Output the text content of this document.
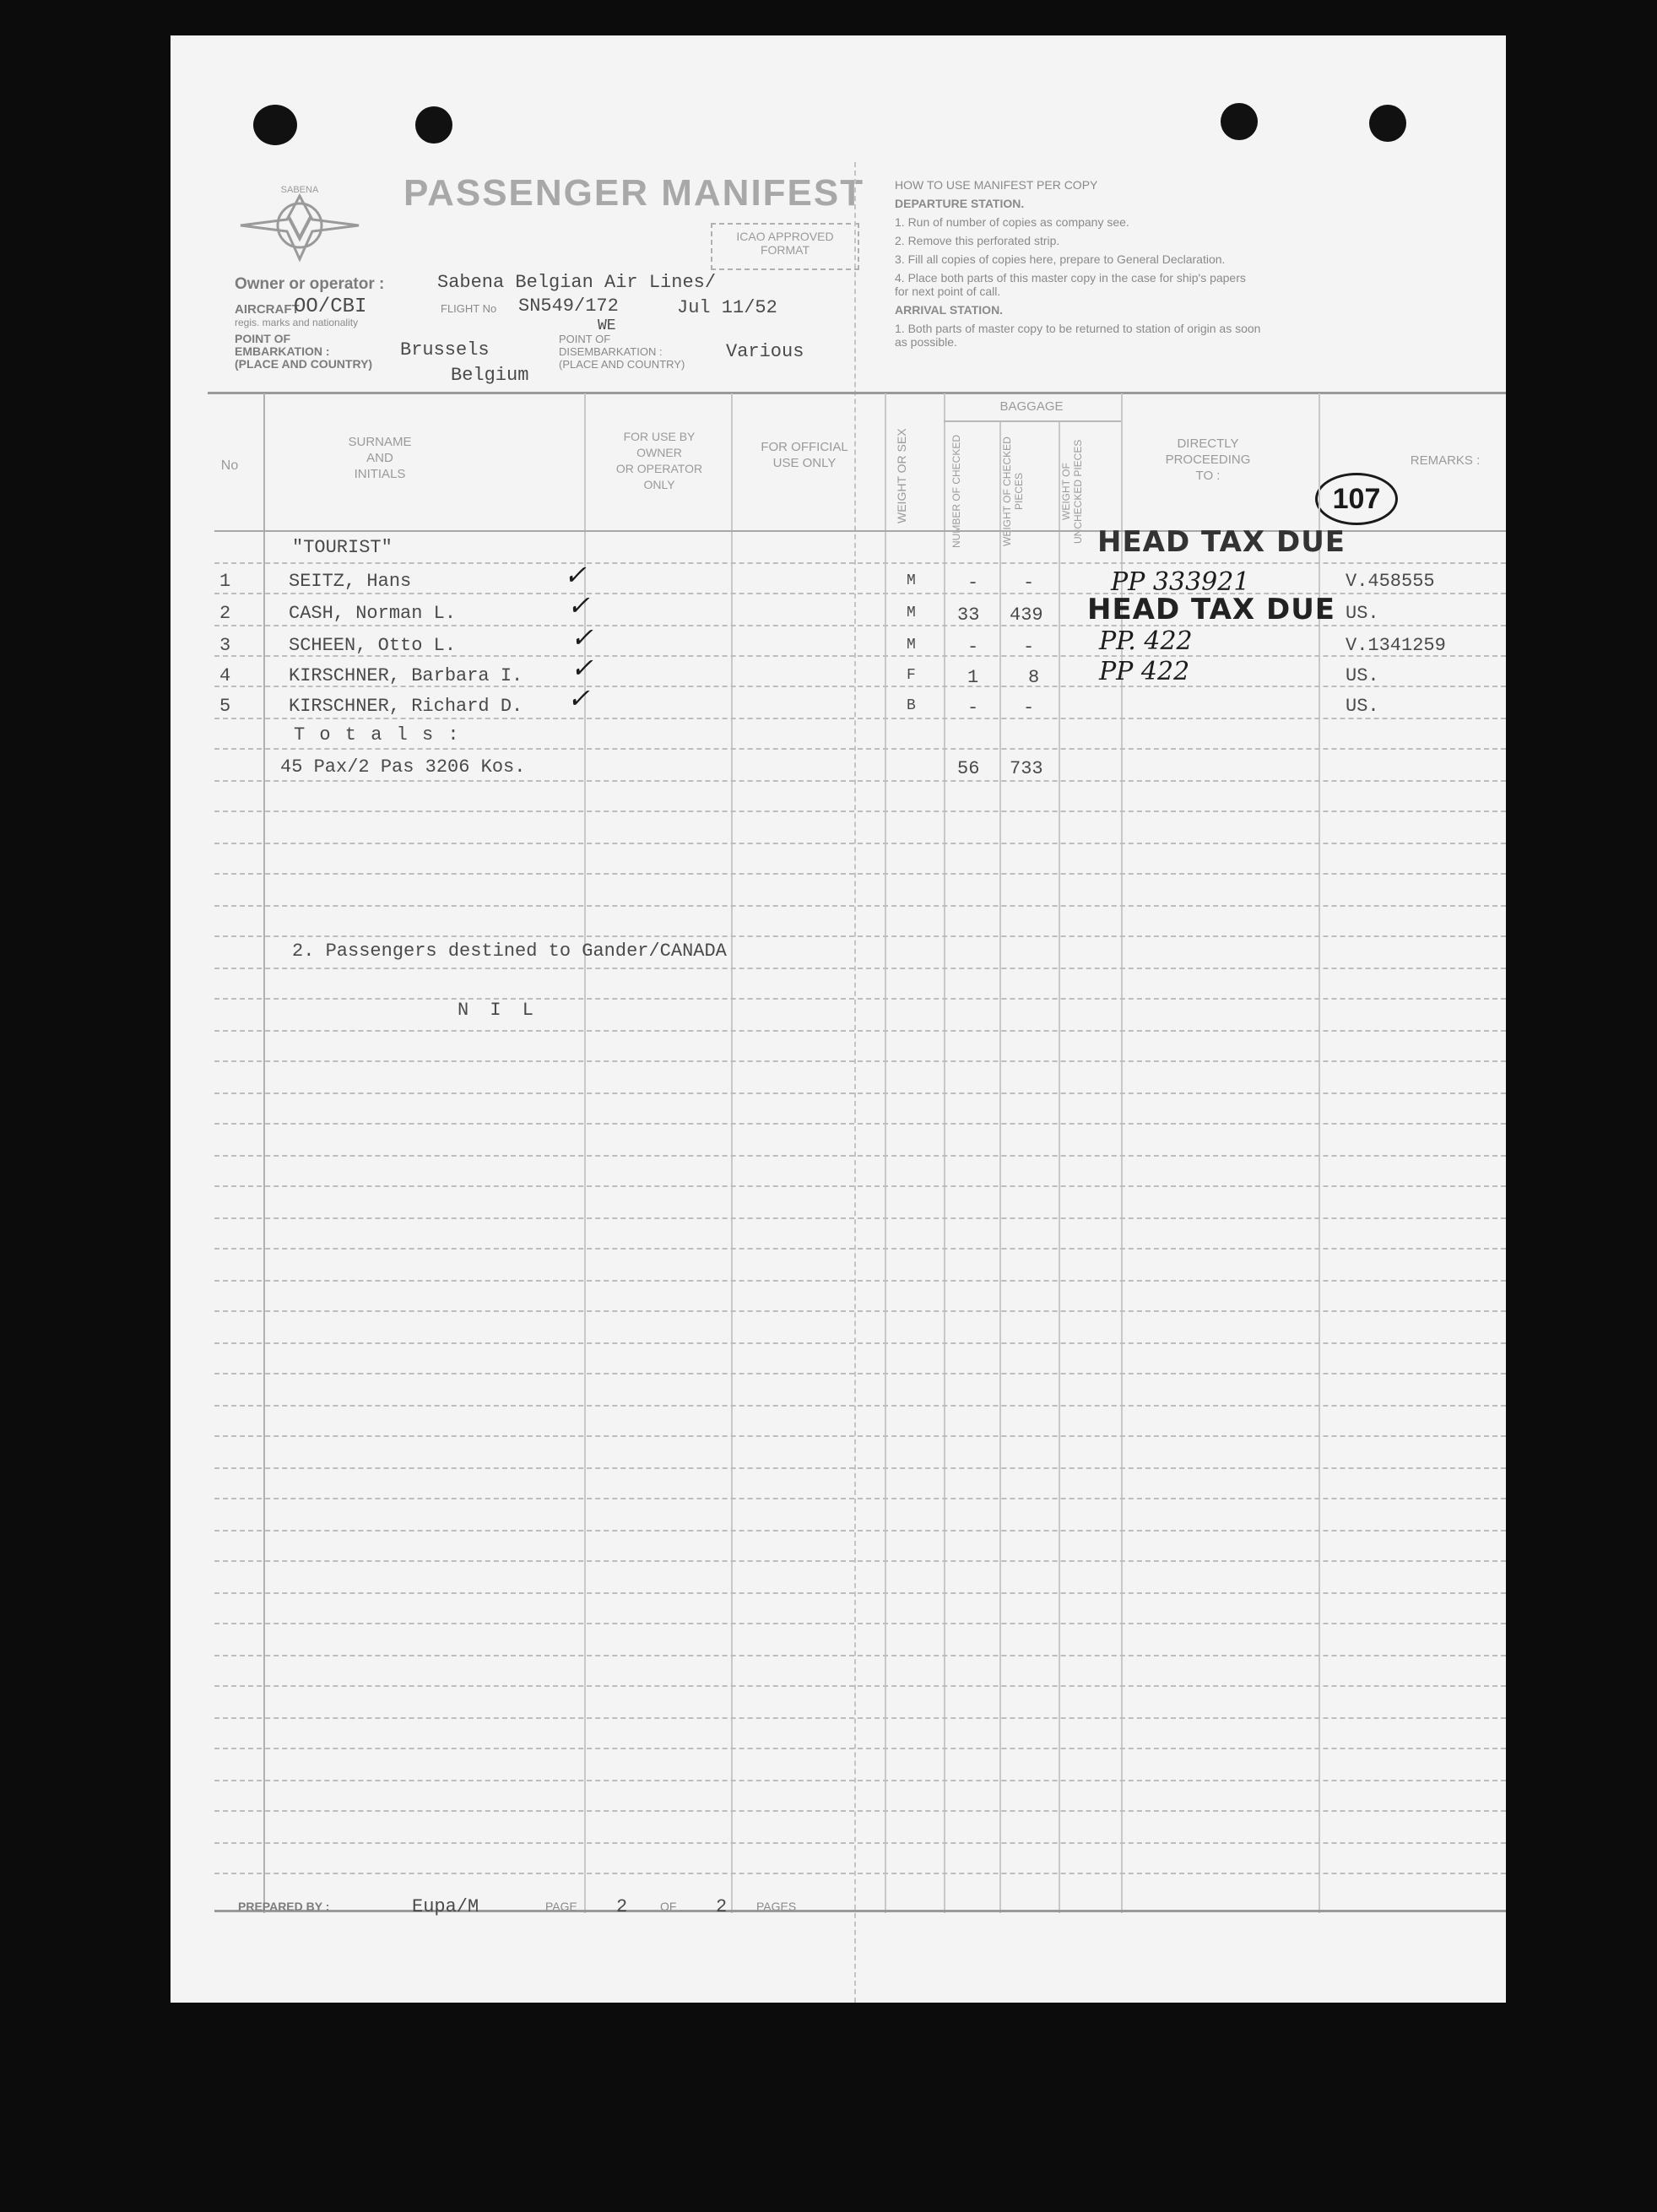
SABENA PASSENGER MANIFEST
ICAO APPROVED
FORMAT
Owner or operator :	Sabena Belgian Air Lines/
AIRCRAFT
regis. marks and nationality
OO/CBI	FLIGHT No SN549/172	Jul 11/52
WE
POINT OF
EMBARKATION :
(PLACE AND COUNTRY)
Brussels
Belgium
POINT OF
DISEMBARKATION :
(PLACE AND COUNTRY)
Various
HOW TO USE MANIFEST PER COPY
DEPARTURE STATION.
1. Run of number of copies as company see.
2. Remove this perforated strip.
3. Fill all copies of copies here, prepare to General Declaration.
4. Place both parts of this master copy in the case for ship's papers
for next point of call.
ARRIVAL STATION.
1. Both parts of master copy to be returned to station of origin as soon
as possible.
No
SURNAME
AND
INITIALS
FOR USE BY
OWNER
OR OPERATOR
ONLY
FOR OFFICIAL
USE ONLY	WEIGHT OR SEX
BAGGAGE
NUMBER OF CHECKED	WEIGHT OF CHECKED PIECES	WEIGHT OF UNCHECKED PIECES	DIRECTLY
PROCEEDING
TO :
REMARKS :
107
"TOURIST"
1	SEITZ, Hans	✓	M	- -	V.458555
2	CASH, Norman L.	✓	M 33 439	US.
3	SCHEEN, Otto L.	✓	M	- -	V.1341259
4	KIRSCHNER, Barbara I. ✓	F	1	8	US.
5	KIRSCHNER, Richard D. ✓	B	- -	US.
HEAD TAX DUE
PP 333921
HEAD TAX DUE
PP. 422
PP 422
T o t a l s :
45 Pax/2 Pas 3206 Kos.	56 733
2. Passengers destined to Gander/CANADA
N I L
PREPARED BY :	Eupa/M	PAGE 2	OF 2 PAGES
